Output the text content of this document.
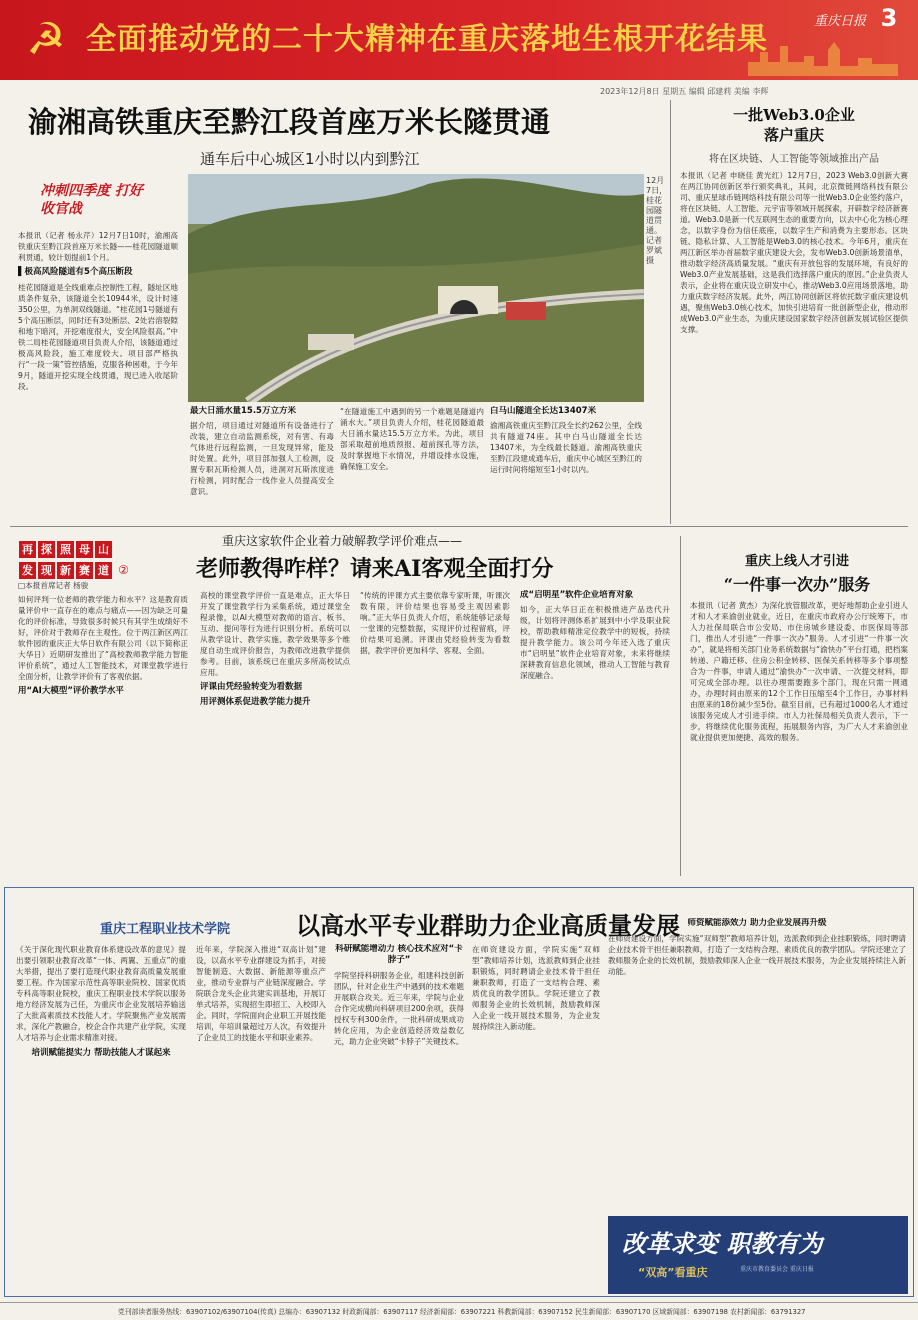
☭ 全面推动党的二十大精神在重庆落地生根开花结果
重庆日报 3
2023年12月8日 星期五 编辑 邱建莉 美编 李辉
渝湘高铁重庆至黔江段首座万米长隧贯通
通车后中心城区1小时以内到黔江
冲刺四季度 打好收官战
12月7日，桂花园隧道贯通。记者 罗斌 摄

本报讯（记者 杨永芹）12月7日10时，渝湘高铁重庆至黔江段首座万米长隧——桂花园隧道顺利贯通，较计划提前1个月。

▌极高风险隧道有5个高压断段

桂花园隧道是全线重难点控制性工程，隧址区地质条件复杂，该隧道全长10944米，设计时速350公里，为单洞双线隧道。“桂花园1号隧道有5个高压断层，同时还有3处断层、2处岩溶裂隙和地下暗河，开挖难度很大，安全风险很高。”中铁二局桂花园隧道项目负责人介绍，该隧道通过极高风险段，施工难度较大。项目部严格执行“一段一策”管控措施，克服各种困难，于今年9月，隧道开挖实现全线贯通，现已进入收尾阶段。

最大日涌水量15.5万立方米

据介绍，项目通过对隧道所有设备进行了改装，建立自动监测系统，对有害、有毒气体进行远程监测，一旦发现异常，能及时处置。此外，项目部加强人工检测，设置专职瓦斯检测人员，进洞对瓦斯浓度进行检测，同时配合一线作业人员提高安全意识。

“在隧道施工中遇到的另一个难题是隧道内涌水大。”项目负责人介绍，桂花园隧道最大日涌水量达15.5万立方米。为此，项目部采取超前地质预报、超前探孔等方法，及时掌握地下水情况，并增设排水设施，确保施工安全。

白马山隧道全长达13407米

渝湘高铁重庆至黔江段全长约262公里，全线共有隧道74座。其中白马山隧道全长达13407米，为全线最长隧道。渝湘高铁重庆至黔江段建成通车后，重庆中心城区至黔江的运行时间将缩短至1小时以内。

一批Web3.0企业
落户重庆
将在区块链、人工智能等领域推出产品
本报讯（记者 申晓佳 黄光红）12月7日，2023 Web3.0创新大赛在两江协同创新区举行颁奖典礼，其间，北京微链网络科技有限公司、重庆星球币链网络科技有限公司等一批Web3.0企业签约落户，将在区块链、人工智能、元宇宙等领域开展探索，开辟数字经济新赛道。Web3.0是新一代互联网生态的重要方向，以去中心化为核心理念，以数字身份为信任底座，以数字生产和消费为主要形态。区块链、隐私计算、人工智能是Web3.0的核心技术。今年6月，重庆在两江新区举办首届数字重庆建设大会，发布Web3.0创新场景清单，推动数字经济高质量发展。“重庆有开放包容的发展环境，有良好的Web3.0产业发展基础，这是我们选择落户重庆的原因。”企业负责人表示，企业将在重庆设立研发中心，推动Web3.0应用场景落地，助力重庆数字经济发展。此外，两江协同创新区将依托数字重庆建设机遇，聚焦Web3.0核心技术，加快引进培育一批创新型企业，推动形成Web3.0产业生态，为重庆建设国家数字经济创新发展试验区提供支撑。
再 探 照 母 山
发 现 新 赛 道 ②
重庆这家软件企业着力破解教学评价难点——
老师教得咋样？请来AI客观全面打分

□本报首席记者 杨骏

如何评判一位老师的教学能力和水平？这是教育质量评价中一直存在的难点与痛点——因为缺乏可量化的评价标准，导致很多时候只有其学生成绩好不好，评价对于教师存在主观性。位于两江新区两江软件园的重庆正大华日软件有限公司（以下简称正大华日）近期研发推出了“高校教师教学能力智能评价系统”，通过人工智能技术，对课堂教学进行全面分析，让教学评价有了客观依据。

用“AI大模型”评价教学水平

高校的课堂教学评价一直是难点，正大华日开发了课堂教学行为采集系统，通过课堂全程录像，以AI大模型对教师的语言、板书、互动、提问等行为进行识别分析。系统可以从教学设计、教学实施、教学效果等多个维度自动生成评价报告，为教师改进教学提供参考。目前，该系统已在重庆多所高校试点应用。

评课由凭经验转变为看数据

用评测体系促进教学能力提升

“传统的评课方式主要依靠专家听课，听课次数有限，评价结果也容易受主观因素影响。”正大华日负责人介绍，系统能够记录每一堂课的完整数据，实现评价过程留痕，评价结果可追溯。评课由凭经验转变为看数据，教学评价更加科学、客观、全面。

成“启明星”软件企业培育对象

如今，正大华日正在积极推进产品迭代升级，计划将评测体系扩展到中小学及职业院校，帮助教师精准定位教学中的短板，持续提升教学能力。该公司今年还入选了重庆市“启明星”软件企业培育对象，未来将继续深耕教育信息化领域，推动人工智能与教育深度融合。

重庆上线人才引进
“一件事一次办”服务
本报讯（记者 黄杰）为深化放管服改革，更好地帮助企业引进人才和人才来渝创业就业，近日，在重庆市政府办公厅统筹下，市人力社保局联合市公安局、市住房城乡建设委、市医保局等部门，推出人才引进“一件事一次办”服务。人才引进“一件事一次办”，就是将相关部门业务系统数据与“渝快办”平台打通，把档案转递、户籍迁移、住房公积金转移、医保关系转移等多个事项整合为一件事，申请人通过“渝快办”一次申请、一次提交材料，即可完成全部办理。以往办理需要跑多个部门，现在只需一网通办，办理时间由原来的12个工作日压缩至4个工作日，办事材料由原来的18份减少至5份。截至目前，已有超过1000名人才通过该服务完成人才引进手续。市人力社保局相关负责人表示，下一步，将继续优化服务流程，拓展服务内容，为广大人才来渝创业就业提供更加便捷、高效的服务。
重庆工程职业技术学院	以高水平专业群助力企业高质量发展

《关于深化现代职业教育体系建设改革的意见》提出要引领职业教育改革“一体、两翼、五重点”的重大举措，提出了要打造现代职业教育高质量发展重要工程。作为国家示范性高等职业院校、国家优质专科高等职业院校，重庆工程职业技术学院以服务地方经济发展为己任，为重庆市企业发展培养输送了大批高素质技术技能人才。学院聚焦产业发展需求，深化产教融合，校企合作共建产业学院，实现人才培养与企业需求精准对接。

培训赋能提实力 帮助技能人才谋起来

近年来，学院深入推进“双高计划”建设，以高水平专业群建设为抓手，对接智能制造、大数据、新能源等重点产业，推动专业群与产业链深度融合。学院联合龙头企业共建实训基地，开展订单式培养，实现招生即招工、入校即入企。同时，学院面向企业职工开展技能培训，年培训量超过万人次，有效提升了企业员工的技能水平和职业素养。

科研赋能增动力 核心技术应对“卡脖子”

学院坚持科研服务企业，组建科技创新团队，针对企业生产中遇到的技术难题开展联合攻关。近三年来，学院与企业合作完成横向科研项目200余项，获得授权专利300余件，一批科研成果成功转化应用，为企业创造经济效益数亿元，助力企业突破“卡脖子”关键技术。

在师资建设方面，学院实施“双师型”教师培养计划，选派教师到企业挂职锻炼，同时聘请企业技术骨干担任兼职教师，打造了一支结构合理、素质优良的教学团队。学院还建立了教师服务企业的长效机制，鼓励教师深入企业一线开展技术服务，为企业发展持续注入新动能。

师资赋能添效力 助力企业发展再升级

在师资建设方面，学院实施“双师型”教师培养计划，选派教师到企业挂职锻炼，同时聘请企业技术骨干担任兼职教师，打造了一支结构合理、素质优良的教学团队。学院还建立了教师服务企业的长效机制，鼓励教师深入企业一线开展技术服务，为企业发展持续注入新动能。

改革求变 职教有为
“双高”看重庆	重庆市教育委员会 重庆日报
党刊部读者服务热线：63907102/63907104(传真) 总编办：63907132 时政新闻部：63907117 经济新闻部：63907221 科教新闻部：63907152 民生新闻部：63907170 区域新闻部：63907198 农村新闻部：63791327
